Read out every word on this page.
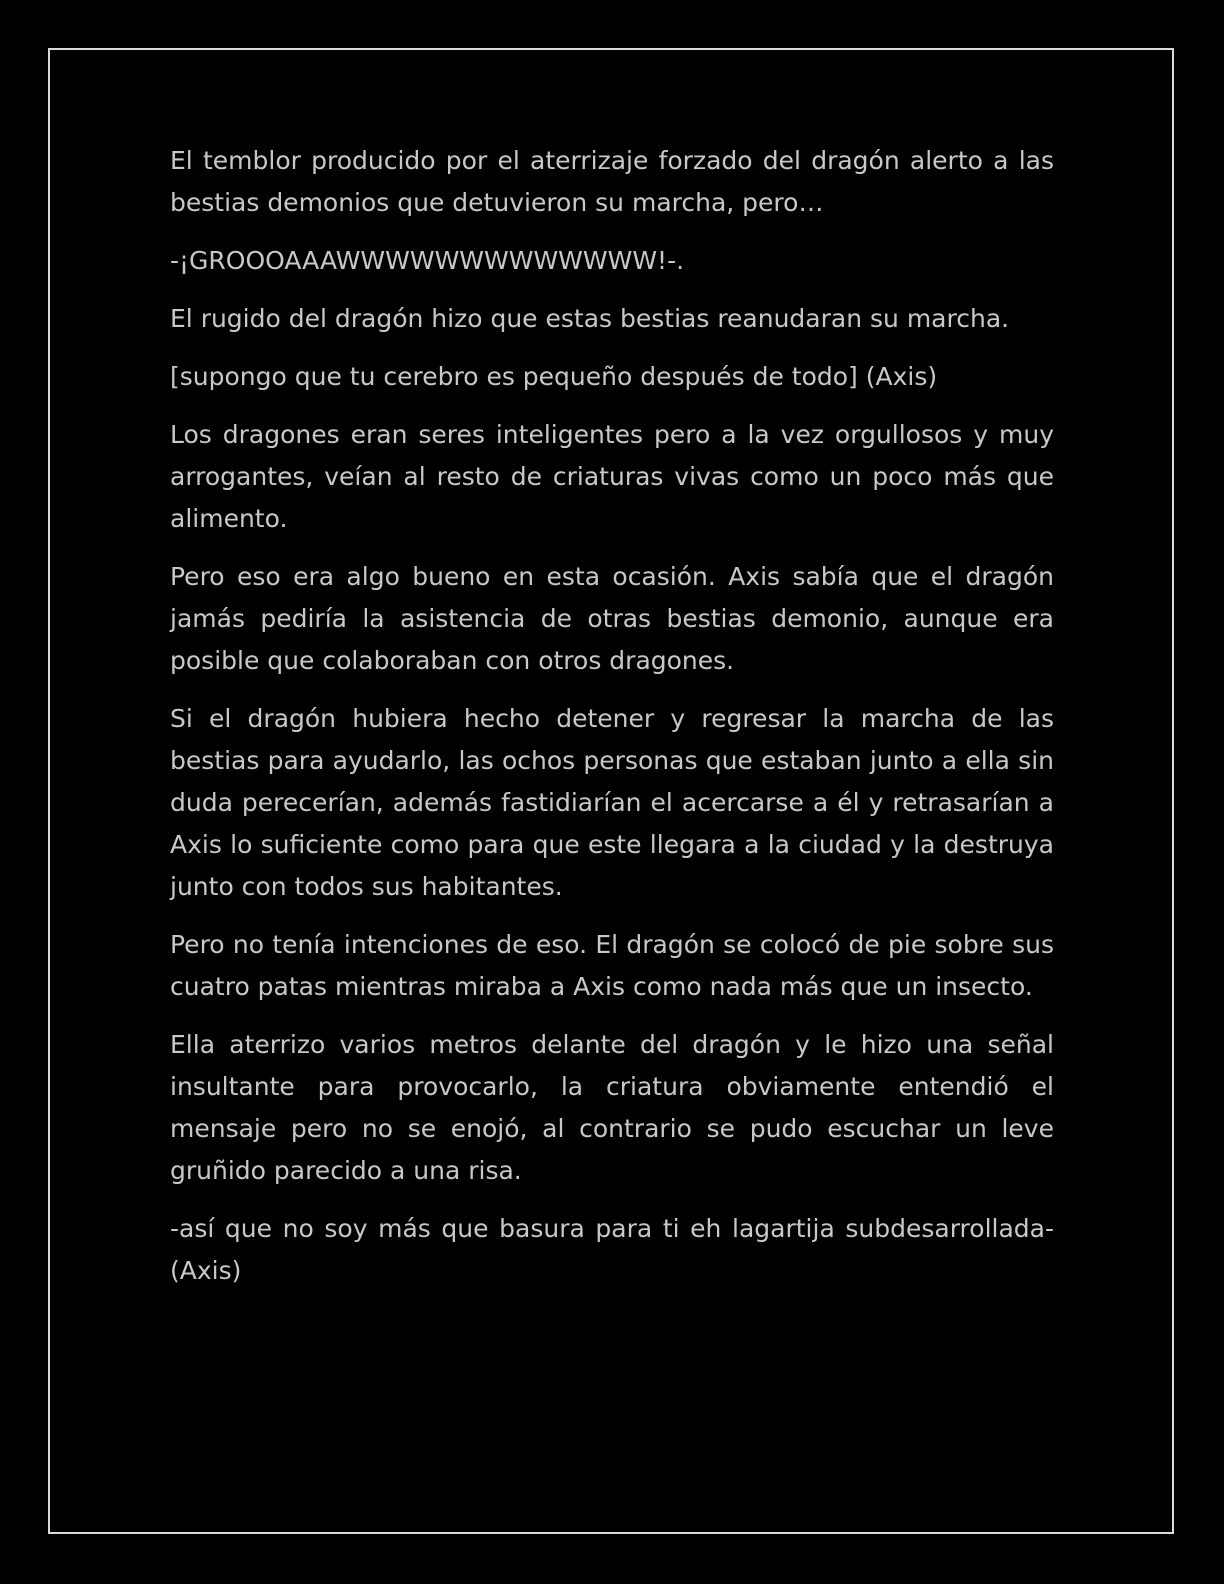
El temblor producido por el aterrizaje forzado del dragón alerto a las bestias demonios que detuvieron su marcha, pero…

-¡GROOOAAAWWWWWWWWWWWWW!-.

El rugido del dragón hizo que estas bestias reanudaran su marcha.

[supongo que tu cerebro es pequeño después de todo] (Axis)

Los dragones eran seres inteligentes pero a la vez orgullosos y muy arrogantes, veían al resto de criaturas vivas como un poco más que alimento.

Pero eso era algo bueno en esta ocasión. Axis sabía que el dragón jamás pediría la asistencia de otras bestias demonio, aunque era posible que colaboraban con otros dragones.

Si el dragón hubiera hecho detener y regresar la marcha de las bestias para ayudarlo, las ochos personas que estaban junto a ella sin duda perecerían, además fastidiarían el acercarse a él y retrasarían a Axis lo suficiente como para que este llegara a la ciudad y la destruya junto con todos sus habitantes.

Pero no tenía intenciones de eso. El dragón se colocó de pie sobre sus cuatro patas mientras miraba a Axis como nada más que un insecto.

Ella aterrizo varios metros delante del dragón y le hizo una señal insultante para provocarlo, la criatura obviamente entendió el mensaje pero no se enojó, al contrario se pudo escuchar un leve gruñido parecido a una risa.

-así que no soy más que basura para ti eh lagartija subdesarrollada- (Axis)
